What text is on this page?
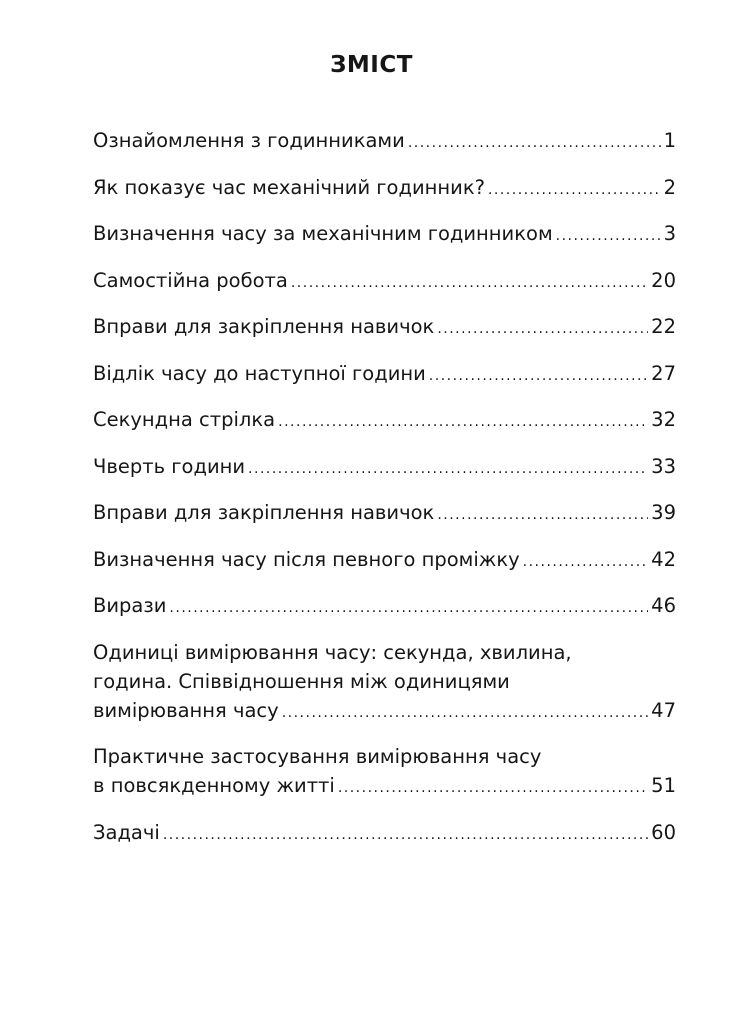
ЗМІСТ
Ознайомлення з годинниками .....	1
Як показує час механічний годинник? .....	2
Визначення часу за механічним годинником .....	3
Самостійна робота .....	20
Вправи для закріплення навичок .....	22
Відлік часу до наступної години .....	27
Секундна стрілка .....	32
Чверть години .....	33
Вправи для закріплення навичок .....	39
Визначення часу після певного проміжку .....	42
Вирази .....	46
Одиниці вимірювання часу: секунда, хвилина,
година. Співвідношення між одиницями
вимірювання часу .....	47
Практичне застосування вимірювання часу
в повсякденному житті .....	51
Задачі .....	60
